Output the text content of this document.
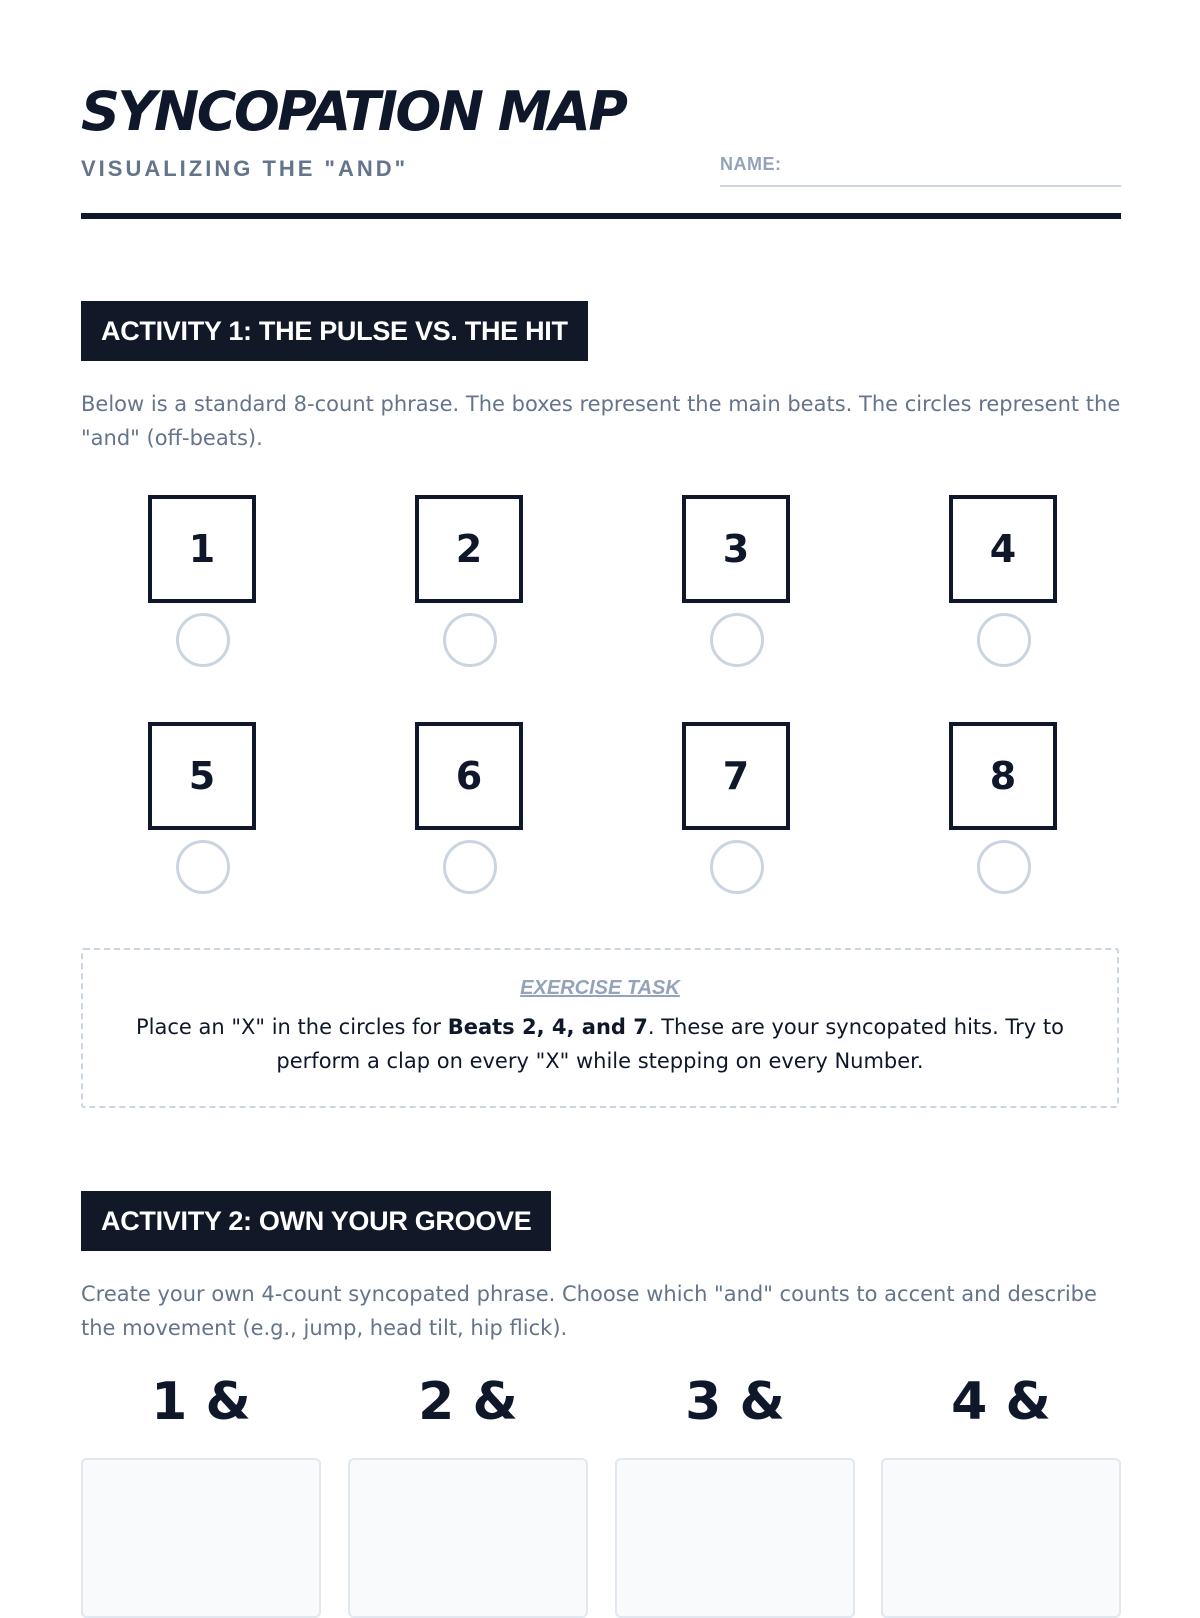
SYNCOPATION MAP
VISUALIZING THE "AND"	NAME:
ACTIVITY 1: THE PULSE VS. THE HIT

Below is a standard 8-count phrase. The boxes represent the main beats. The circles represent the "and" (off-beats).

1	2	3	4
5	6	7	8
EXERCISE TASK

Place an "X" in the circles for Beats 2, 4, and 7. These are your syncopated hits. Try to perform a clap on every "X" while stepping on every Number.

ACTIVITY 2: OWN YOUR GROOVE

Create your own 4-count syncopated phrase. Choose which "and" counts to accent and describe the movement (e.g., jump, head tilt, hip flick).

1 &	2 &	3 &	4 &
